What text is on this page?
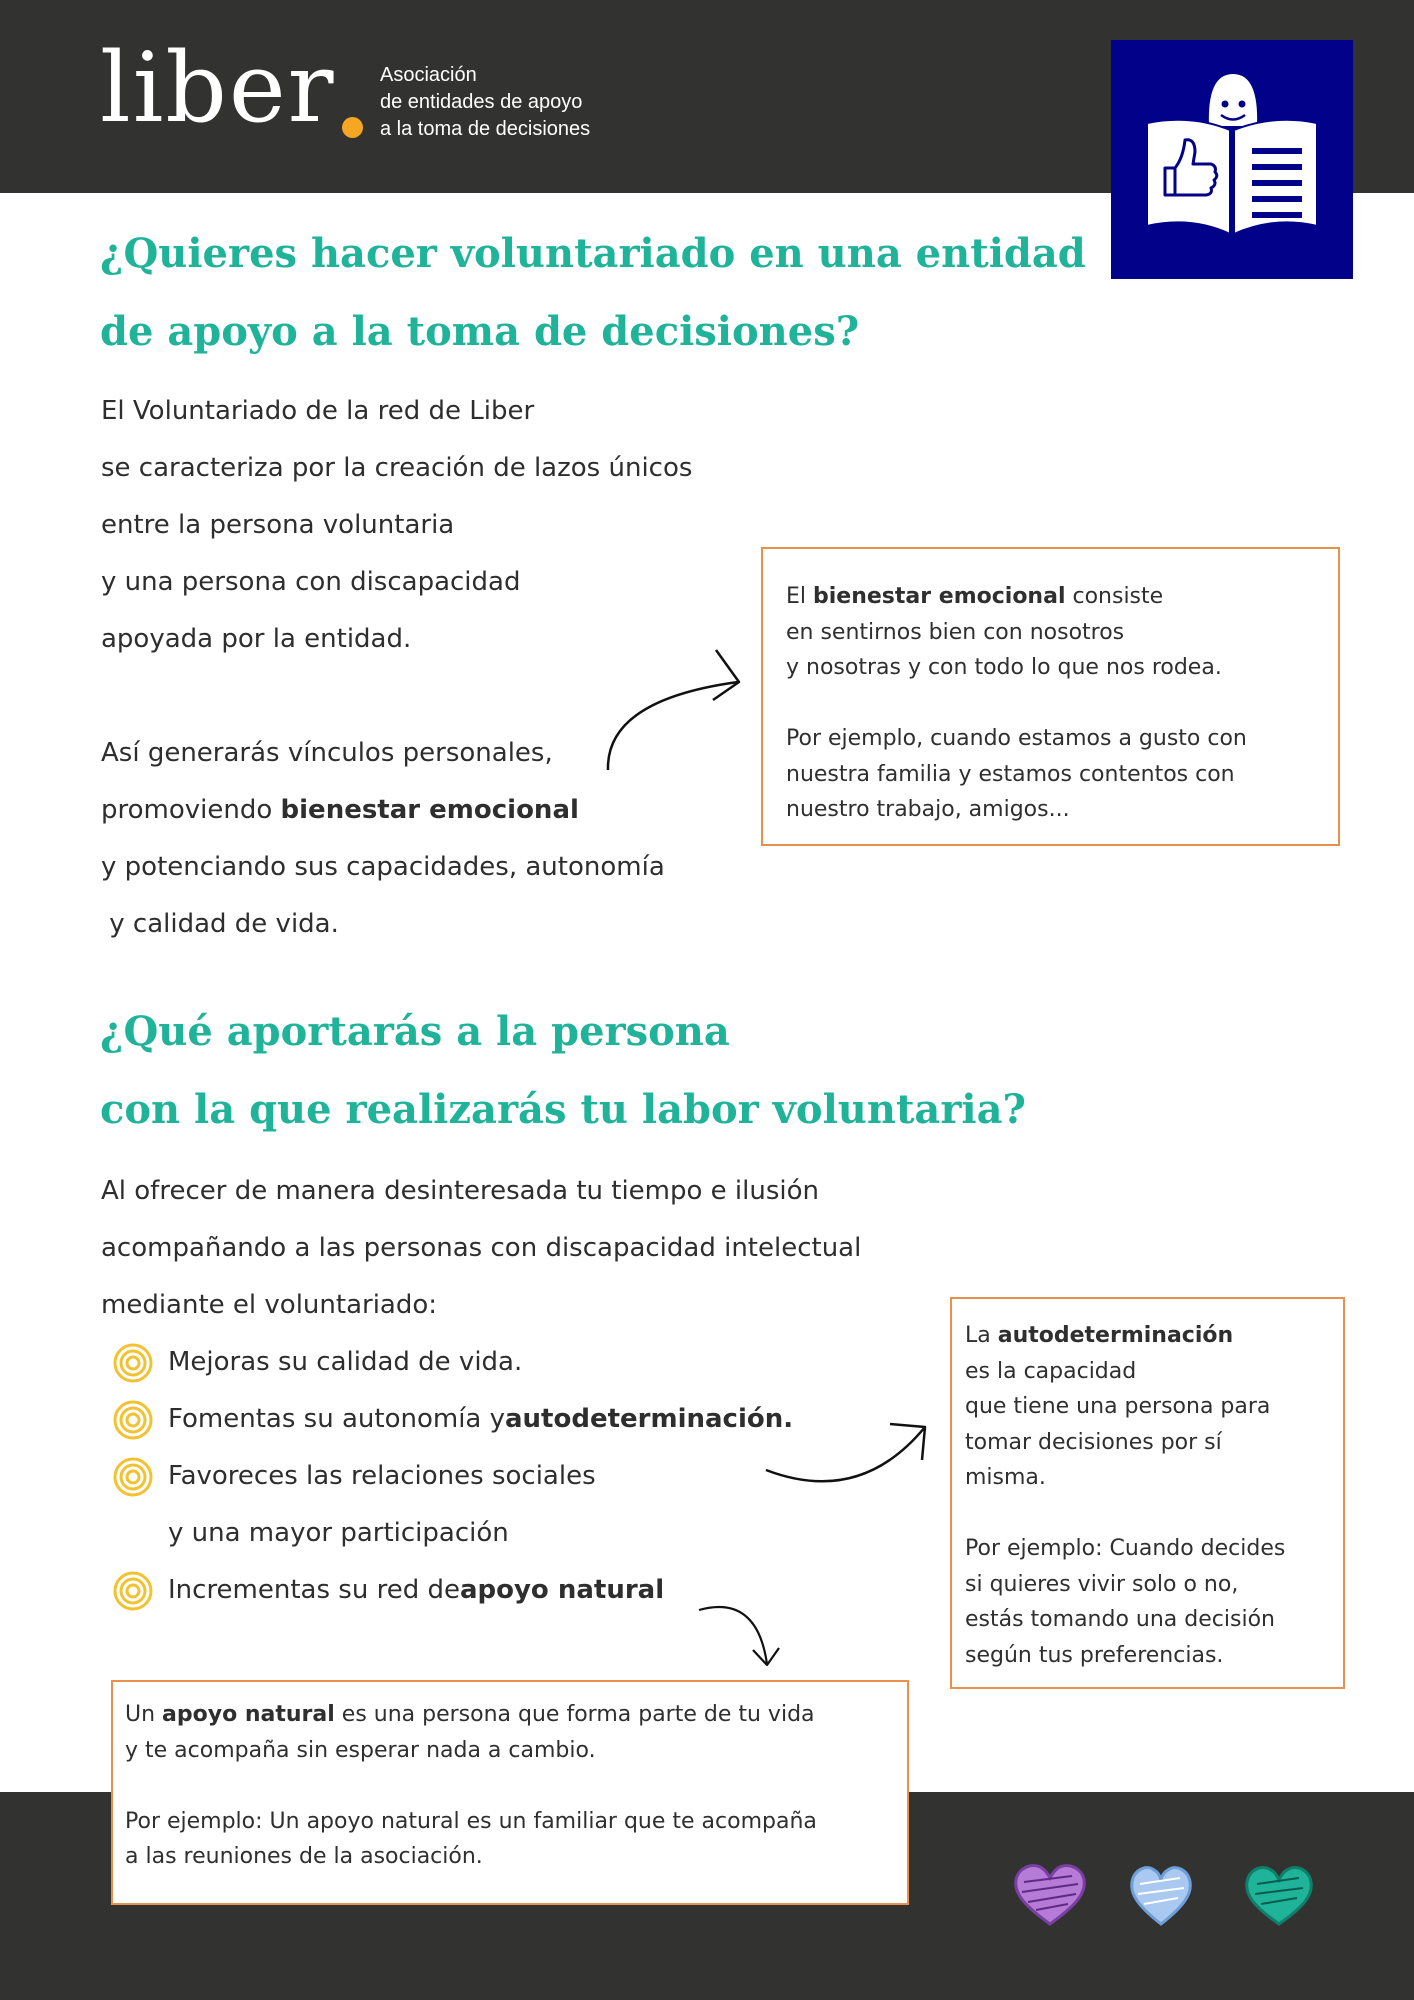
liber Asociación
de entidades de apoyo
a la toma de decisiones
¿Quieres hacer voluntariado en una entidad
de apoyo a la toma de decisiones?
El Voluntariado de la red de Liber
se caracteriza por la creación de lazos únicos
entre la persona voluntaria
y una persona con discapacidad
apoyada por la entidad.
Así generarás vínculos personales,
promoviendo bienestar emocional
y potenciando sus capacidades, autonomía
y calidad de vida.
El bienestar emocional consiste
en sentirnos bien con nosotros
y nosotras y con todo lo que nos rodea.
Por ejemplo, cuando estamos a gusto con
nuestra familia y estamos contentos con
nuestro trabajo, amigos...
¿Qué aportarás a la persona
con la que realizarás tu labor voluntaria?
Al ofrecer de manera desinteresada tu tiempo e ilusión
acompañando a las personas con discapacidad intelectual
mediante el voluntariado:
Mejoras su calidad de vida.
Fomentas su autonomía y autodeterminación.
Favoreces las relaciones sociales
y una mayor participación
Incrementas su red de apoyo natural
La autodeterminación
es la capacidad
que tiene una persona para
tomar decisiones por sí
misma.
Por ejemplo: Cuando decides
si quieres vivir solo o no,
estás tomando una decisión
según tus preferencias.
Un apoyo natural es una persona que forma parte de tu vida
y te acompaña sin esperar nada a cambio.
Por ejemplo: Un apoyo natural es un familiar que te acompaña
a las reuniones de la asociación.
